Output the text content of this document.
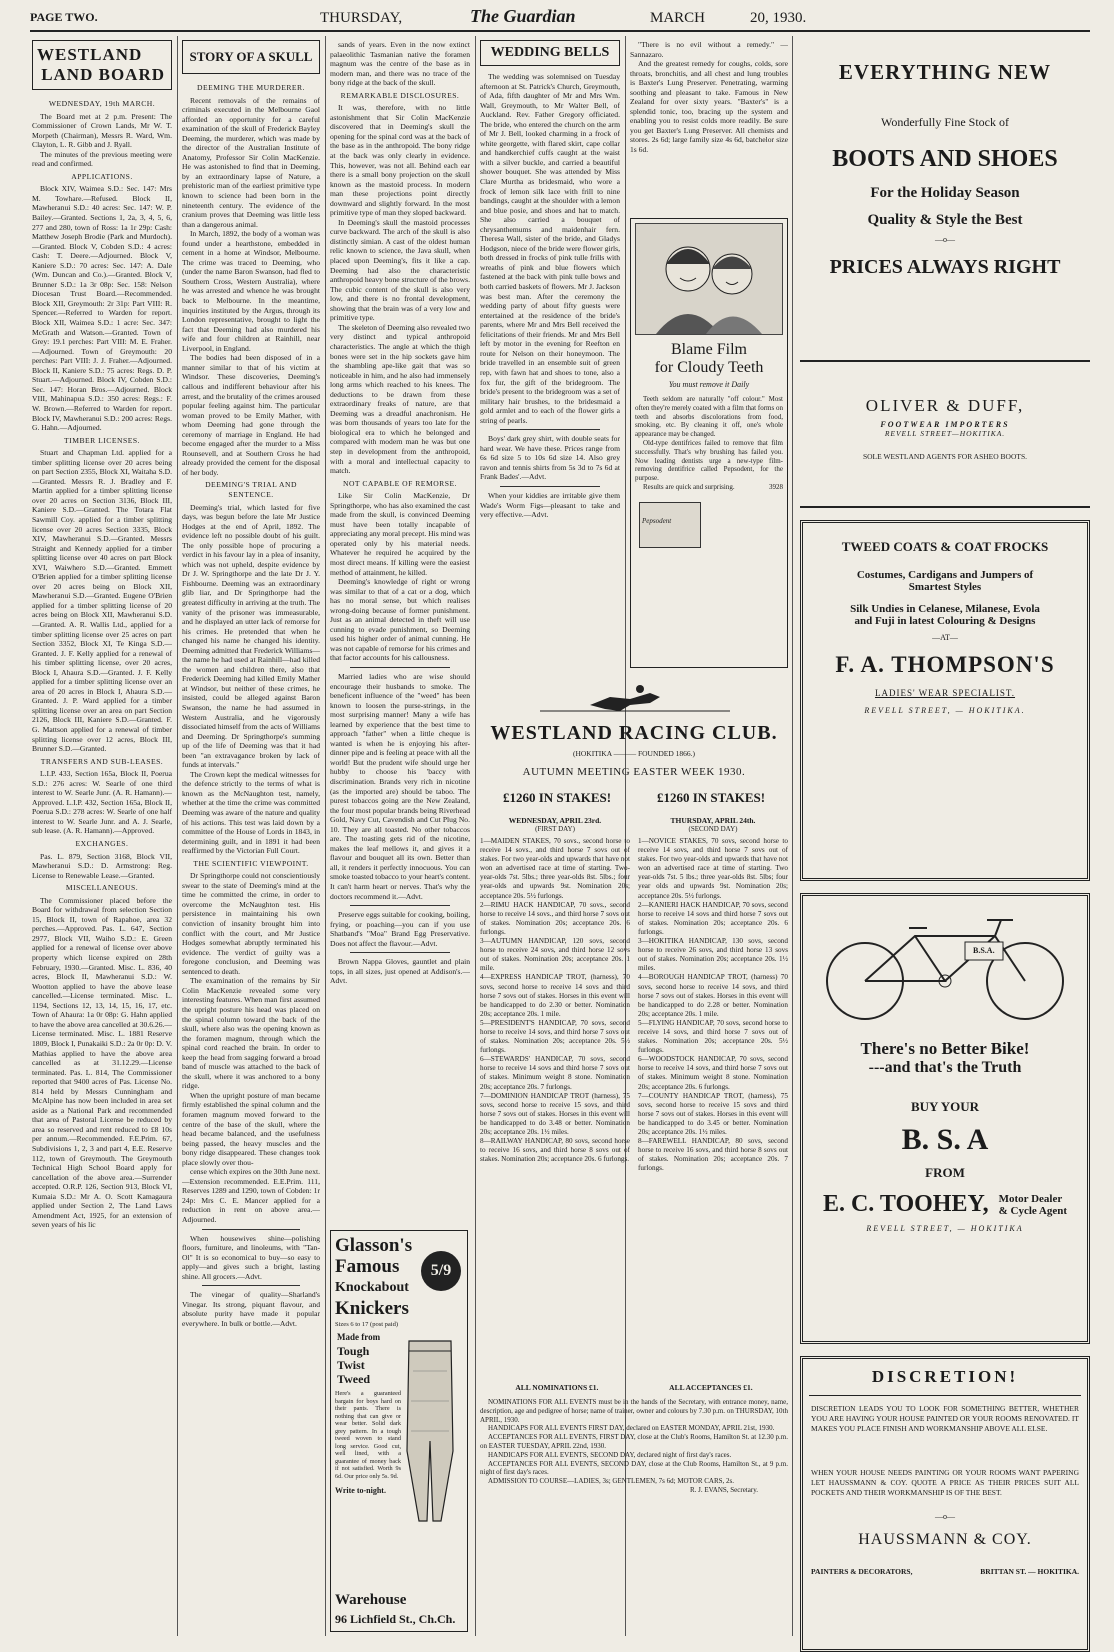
PAGE TWO.	THURSDAY,	The Guardian	MARCH	20, 1930.
WESTLAND
LAND BOARD
WEDNESDAY, 19th MARCH.

The Board met at 2 p.m. Present: The Commissioner of Crown Lands, Mr W. T. Morpeth (Chairman), Messrs R. Ward, Wm. Clayton, L. R. Gibb and J. Ryall.

The minutes of the previous meeting were read and confirmed.

APPLICATIONS.

Block XIV, Waimea S.D.: Sec. 147: Mrs M. Towhare.—Refused. Block II, Mawheranui S.D.: 40 acres: Sec. 147: W. P. Bailey.—Granted. Sections 1, 2a, 3, 4, 5, 6, 277 and 280, town of Ross: 1a 1r 29p: Cash: Matthew Joseph Brodie (Park and Murdoch).—Granted. Block V, Cobden S.D.: 4 acres: Cash: T. Deere.—Adjourned. Block V, Kaniere S.D.: 70 acres: Sec. 147: A. Dale (Wm. Duncan and Co.).—Granted. Block V, Brunner S.D.: 1a 3r 08p: Sec. 158: Nelson Diocesan Trust Board.—Recommended. Block XII, Greymouth: 2r 31p: Part VIII: R. Spencer.—Referred to Warden for report. Block XII, Waimea S.D.: 1 acre: Sec. 347: McGrath and Watson.—Granted. Town of Grey: 19.1 perches: Part VIII: M. E. Fraher.—Adjourned. Town of Greymouth: 20 perches: Part VIII: J. J. Fraher.—Adjourned. Block II, Kaniere S.D.: 75 acres: Regs. D. P. Stuart.—Adjourned. Block IV, Cobden S.D.: Sec. 147: Horan Bros.—Adjourned. Block VIII, Mahinapua S.D.: 350 acres: Regs.: F. W. Brown.—Referred to Warden for report. Block IV, Mawheranui S.D.: 200 acres: Regs. G. Hahn.—Adjourned.

TIMBER LICENSES.

Stuart and Chapman Ltd. applied for a timber splitting license over 20 acres being on part Section 2355, Block XI, Waitaha S.D.—Granted. Messrs R. J. Bradley and F. Martin applied for a timber splitting license over 20 acres on Section 3136, Block III, Kaniere S.D.—Granted. The Totara Flat Sawmill Coy. applied for a timber splitting license over 20 acres Section 3335, Block XIV, Mawheranui S.D.—Granted. Messrs Straight and Kennedy applied for a timber splitting license over 40 acres on part Block XVI, Waiwhero S.D.—Granted. Emmett O'Brien applied for a timber splitting license over 20 acres being on Block XII, Mawheranui S.D.—Granted. Eugene O'Brien applied for a timber splitting license of 20 acres being on Block XII, Mawheranui S.D.—Granted. A. R. Wallis Ltd., applied for a timber splitting license over 25 acres on part Section 3352, Block XI, Te Kinga S.D.—Granted. J. F. Kelly applied for a renewal of his timber splitting license, over 20 acres, Block I, Ahaura S.D.—Granted. J. F. Kelly applied for a timber splitting license over an area of 20 acres in Block I, Ahaura S.D.—Granted. J. P. Ward applied for a timber splitting license over an area on part Section 2126, Block III, Kaniere S.D.—Granted. F. G. Mattson applied for a renewal of timber splitting license over 12 acres, Block III, Brunner S.D.—Granted.

TRANSFERS AND SUB-LEASES.

L.I.P. 433, Section 165a, Block II, Poerua S.D.: 276 acres: W. Searle of one third interest to W. Searle Junr. (A. R. Hamann).—Approved. L.I.P. 432, Section 165a, Block II, Poerua S.D.: 278 acres: W. Searle of one half interest to W. Searle Junr. and A. J. Searle, sub lease. (A. R. Hamann).—Approved.

EXCHANGES.

Pas. L. 879, Section 3168, Block VII, Mawheranui S.D.: D. Armstrong: Reg. License to Renewable Lease.—Granted.

MISCELLANEOUS.

The Commissioner placed before the Board for withdrawal from selection Section 15, Block II, town of Rapahoe, area 32 perches.—Approved. Pas. L. 647, Section 2977, Block VII, Waiho S.D.: E. Green applied for a renewal of license over above property which license expired on 28th February, 1930.—Granted. Misc. L. 836, 40 acres, Block II, Mawheranui S.D.: W. Wootton applied to have the above lease cancelled.—License terminated. Misc. L. 1194, Sections 12, 13, 14, 15, 16, 17, etc. Town of Ahaura: 1a 0r 08p: G. Hahn applied to have the above area cancelled at 30.6.26.—License terminated. Misc. L. 1881 Reserve 1809, Block I, Punakaiki S.D.: 2a 0r 0p: D. V. Mathias applied to have the above area cancelled as at 31.12.29.—License terminated. Pas. L. 814, The Commissioner reported that 9400 acres of Pas. License No. 814 held by Messrs Cunningham and McAlpine has now been included in area set aside as a National Park and recommended that area of Pastoral License be reduced by area so reserved and rent reduced to £8 10s per annum.—Recommended. F.E.Prim. 67, Subdivisions 1, 2, 3 and part 4, E.E. Reserve 112, town of Greymouth. The Greymouth Technical High School Board apply for cancellation of the above area.—Surrender accepted. O.R.P. 126, Section 913, Block VI, Kumaia S.D.: Mr A. O. Scott Kamagaura applied under Section 2, The Land Laws Amendment Act, 1925, for an extension of seven years of his lic

STORY OF A SKULL
DEEMING THE MURDERER.

Recent removals of the remains of criminals executed in the Melbourne Gaol afforded an opportunity for a careful examination of the skull of Frederick Bayley Deeming, the murderer, which was made by the director of the Australian Institute of Anatomy, Professor Sir Colin MacKenzie. He was astonished to find that in Deeming, by an extraordinary lapse of Nature, a prehistoric man of the earliest primitive type known to science had been born in the nineteenth century. The evidence of the cranium proves that Deeming was little less than a dangerous animal.

In March, 1892, the body of a woman was found under a hearthstone, embedded in cement in a home at Windsor, Melbourne. The crime was traced to Deeming, who (under the name Baron Swanson, had fled to Southern Cross, Western Australia), where he was arrested and whence he was brought back to Melbourne. In the meantime, inquiries instituted by the Argus, through its London representative, brought to light the fact that Deeming had also murdered his wife and four children at Rainhill, near Liverpool, in England.

The bodies had been disposed of in a manner similar to that of his victim at Windsor. These discoveries, Deeming's callous and indifferent behaviour after his arrest, and the brutality of the crimes aroused popular feeling against him. The particular woman proved to be Emily Mather, with whom Deeming had gone through the ceremony of marriage in England. He had become engaged after the murder to a Miss Rounsevell, and at Southern Cross he had already provided the cement for the disposal of her body.

DEEMING'S TRIAL AND SENTENCE.

Deeming's trial, which lasted for five days, was begun before the late Mr Justice Hodges at the end of April, 1892. The evidence left no possible doubt of his guilt. The only possible hope of procuring a verdict in his favour lay in a plea of insanity, which was not upheld, despite evidence by Dr J. W. Springthorpe and the late Dr J. Y. Fishbourne. Deeming was an extraordinary glib liar, and Dr Springthorpe had the greatest difficulty in arriving at the truth. The vanity of the prisoner was immeasurable, and he displayed an utter lack of remorse for his crimes. He pretended that when he changed his name he changed his identity. Deeming admitted that Frederick Williams—the name he had used at Rainhill—had killed the women and children there, also that Frederick Deeming had killed Emily Mather at Windsor, but neither of these crimes, he insisted, could be alleged against Baron Swanson, the name he had assumed in Western Australia, and he vigorously dissociated himself from the acts of Williams and Deeming. Dr Springthorpe's summing up of the life of Deeming was that it had been "an extravagance broken by lack of funds at intervals."

The Crown kept the medical witnesses for the defence strictly to the terms of what is known as the McNaughton test, namely, whether at the time the crime was committed Deeming was aware of the nature and quality of his actions. This test was laid down by a committee of the House of Lords in 1843, in determining guilt, and in 1891 it had been reaffirmed by the Victorian Full Court.

THE SCIENTIFIC VIEWPOINT.

Dr Springthorpe could not conscientiously swear to the state of Deeming's mind at the time he committed the crime, in order to overcome the McNaughton test. His persistence in maintaining his own conviction of insanity brought him into conflict with the court, and Mr Justice Hodges somewhat abruptly terminated his evidence. The verdict of guilty was a foregone conclusion, and Deeming was sentenced to death.

The examination of the remains by Sir Colin MacKenzie revealed some very interesting features. When man first assumed the upright posture his head was placed on the spinal column toward the back of the skull, where also was the opening known as the foramen magnum, through which the spinal cord reached the brain. In order to keep the head from sagging forward a broad band of muscle was attached to the back of the skull, where it was anchored to a bony ridge.

When the upright posture of man became firmly established the spinal column and the foramen magnum moved forward to the centre of the base of the skull, where the head became balanced, and the usefulness being passed, the heavy muscles and the bony ridge disappeared. These changes took place slowly over thou-

cense which expires on the 30th June next.—Extension recommended. E.E.Prim. 111, Reserves 1289 and 1290, town of Cobden: 1r 24p: Mrs C. E. Mancer applied for a reduction in rent on above area.—Adjourned.

When housewives shine—polishing floors, furniture, and linoleums, with "Tan-Ol" It is so economical to buy—so easy to apply—and gives such a bright, lasting shine. All grocers.—Advt.

The vinegar of quality—Sharland's Vinegar. Its strong, piquant flavour, and absolute purity have made it popular everywhere. In bulk or bottle.—Advt.

sands of years. Even in the now extinct palaeolithic Tasmanian native the foramen magnum was the centre of the base as in modern man, and there was no trace of the bony ridge at the back of the skull.

REMARKABLE DISCLOSURES.

It was, therefore, with no little astonishment that Sir Colin MacKenzie discovered that in Deeming's skull the opening for the spinal cord was at the back of the base as in the anthropoid. The bony ridge at the back was only clearly in evidence. This, however, was not all. Behind each ear there is a small bony projection on the skull known as the mastoid process. In modern man these projections point directly downward and slightly forward. In the most primitive type of man they sloped backward.

In Deeming's skull the mastoid processes curve backward. The arch of the skull is also distinctly simian. A cast of the oldest human relic known to science, the Java skull, when placed upon Deeming's, fits it like a cap. Deeming had also the characteristic anthropoid heavy bone structure of the brows. The cubic content of the skull is also very low, and there is no frontal development, showing that the brain was of a very low and primitive type.

The skeleton of Deeming also revealed two very distinct and typical anthropoid characteristics. The angle at which the thigh bones were set in the hip sockets gave him the shambling ape-like gait that was so noticeable in him, and he also had immensely long arms which reached to his knees. The deductions to be drawn from these extraordinary freaks of nature, are that Deeming was a dreadful anachronism. He was born thousands of years too late for the biological era to which he belonged and compared with modern man he was but one step in development from the anthropoid, with a moral and intellectual capacity to match.

NOT CAPABLE OF REMORSE.

Like Sir Colin MacKenzie, Dr Springthorpe, who has also examined the cast made from the skull, is convinced Deeming must have been totally incapable of appreciating any moral precept. His mind was operated only by his material needs. Whatever he required he acquired by the most direct means. If killing were the easiest method of attainment, he killed.

Deeming's knowledge of right or wrong was similar to that of a cat or a dog, which has no moral sense, but which realises wrong-doing because of former punishment. Just as an animal detected in theft will use cunning to evade punishment, so Deeming used his higher order of animal cunning. He was not capable of remorse for his crimes and that factor accounts for his callousness.

Married ladies who are wise should encourage their husbands to smoke. The beneficent influence of the "weed" has been known to loosen the purse-strings, in the most surprising manner! Many a wife has learned by experience that the best time to approach "father" when a little cheque is wanted is when he is enjoying his after-dinner pipe and is feeling at peace with all the world! But the prudent wife should urge her hubby to choose his 'baccy with discrimination. Brands very rich in nicotine (as the imported are) should be taboo. The purest tobaccos going are the New Zealand, the four most popular brands being Riverhead Gold, Navy Cut, Cavendish and Cut Plug No. 10. They are all toasted. No other tobaccos are. The toasting gets rid of the nicotine, makes the leaf mellows it, and gives it a flavour and bouquet all its own. Better than all, it renders it perfectly innocuous. You can smoke toasted tobacco to your heart's content. It can't harm heart or nerves. That's why the doctors recommend it.—Advt.

Preserve eggs suitable for cooking, boiling, frying, or poaching—you can if you use Shatband's "Moa" Brand Egg Preservative. Does not affect the flavour.—Advt.

Brown Nappa Gloves, gauntlet and plain tops, in all sizes, just opened at Addison's.—Advt.

Glasson's
Famous
Knockabout
Knickers
5/9
Sizes 6 to 17 (post paid)
Made from
Tough
Twist
Tweed
Here's a guaranteed bargain for boys hard on their pants. There is nothing that can give or wear better. Solid dark grey pattern. In a tough tweed woven to stand long service. Good cut, well lined, with a guarantee of money back if not satisfied. Worth 9s 6d. Our price only 5s. 9d.
Write to-night.
Warehouse
96 Lichfield St., Ch.Ch.
WEDDING BELLS

The wedding was solemnised on Tuesday afternoon at St. Patrick's Church, Greymouth, of Ada, fifth daughter of Mr and Mrs Wm. Wall, Greymouth, to Mr Walter Bell, of Auckland. Rev. Father Gregory officiated. The bride, who entered the church on the arm of Mr J. Bell, looked charming in a frock of white georgette, with flared skirt, cape collar and handkerchief cuffs caught at the waist with a silver buckle, and carried a beautiful shower bouquet. She was attended by Miss Clare Murtha as bridesmaid, who wore a frock of lemon silk lace with frill to nine bandings, caught at the shoulder with a lemon and blue posie, and shoes and hat to match. She also carried a bouquet of chrysanthemums and maidenhair fern. Theresa Wall, sister of the bride, and Gladys Hodgson, niece of the bride were flower girls, both dressed in frocks of pink tulle frills with wreaths of pink and blue flowers which fastened at the back with pink tulle bows and both carried baskets of flowers. Mr J. Jackson was best man. After the ceremony the wedding party of about fifty guests were entertained at the residence of the bride's parents, where Mr and Mrs Bell received the felicitations of their friends. Mr and Mrs Bell left by motor in the evening for Reefton en route for Nelson on their honeymoon. The bride travelled in an ensemble suit of green rep, with fawn hat and shoes to tone, also a fox fur, the gift of the bridegroom. The bride's present to the bridegroom was a set of military hair brushes, to the bridesmaid a gold armlet and to each of the flower girls a string of pearls.

Boys' dark grey shirt, with double seats for hard wear. We have these. Prices range from 6s 6d size 5 to 10s 6d size 14. Also grey ravon and tennis shirts from 5s 3d to 7s 6d at Frank Bades'.—Advt.

When your kiddies are irritable give them Wade's Worm Figs—pleasant to take and very effective.—Advt.

"There is no evil without a remedy." —Sannazaro.

And the greatest remedy for coughs, colds, sore throats, bronchitis, and all chest and lung troubles is Baxter's Lung Preserver. Penetrating, warming soothing and pleasant to take. Famous in New Zealand for over sixty years. "Baxter's" is a splendid tonic, too, bracing up the system and enabling you to resist colds more readily. Be sure you get Baxter's Lung Preserver. All chemists and stores. 2s 6d; large family size 4s 6d, batchelor size 1s 6d.

Blame Film
for Cloudy Teeth
You must remove it Daily

Teeth seldom are naturally "off colour." Most often they're merely coated with a film that forms on teeth and absorbs discolorations from food, smoking, etc. By cleaning it off, one's whole appearance may be changed.

Old-type dentifrices failed to remove that film successfully. That's why brushing has failed you. Now leading dentists urge a new-type film-removing dentifrice called Pepsodent, for the purpose.

Results are quick and surprising.	3928

Pepsodent
WESTLAND RACING CLUB.
(HOKITIKA ——— FOUNDED 1866.)
AUTUMN MEETING EASTER WEEK 1930.
£1260 IN STAKES!	£1260 IN STAKES!
WEDNESDAY, APRIL 23rd.
(FIRST DAY)
1—MAIDEN STAKES, 70 sovs., second horse to receive 14 sovs., and third horse 7 sovs out of stakes. For two year-olds and upwards that have not won an advertised race at time of starting. Two-year-olds 7st. 5lbs.; three year-olds 8st. 5lbs.; four year-olds and upwards 9st. Nomination 20s; acceptance 20s. 5½ furlongs.
2—RIMU HACK HANDICAP, 70 sovs., second horse to receive 14 sovs., and third horse 7 sovs out of stakes. Nomination 20s; acceptance 20s. 6 furlongs.
3—AUTUMN HANDICAP, 120 sovs, second horse to receive 24 sovs, and third horse 12 sovs out of stakes. Nomination 20s; acceptance 20s. 1 mile.
4—EXPRESS HANDICAP TROT, (harness), 70 sovs, second horse to receive 14 sovs and third horse 7 sovs out of stakes. Horses in this event will be handicapped to do 2.30 or better. Nomination 20s; acceptance 20s. 1 mile.
5—PRESIDENT'S HANDICAP, 70 sovs, second horse to receive 14 sovs, and third horse 7 sovs out of stakes. Nomination 20s; acceptance 20s. 5½ furlongs.
6—STEWARDS' HANDICAP, 70 sovs, second horse to receive 14 sovs and third horse 7 sovs out of stakes. Minimum weight 8 stone. Nomination 20s; acceptance 20s. 7 furlongs.
7—DOMINION HANDICAP TROT (harness), 75 sovs, second horse to receive 15 sovs, and third horse 7 sovs out of stakes. Horses in this event will be handicapped to do 3.48 or better. Nomination 20s; acceptance 20s. 1½ miles.
8—RAILWAY HANDICAP, 80 sovs, second horse to receive 16 sovs, and third horse 8 sovs out of stakes. Nomination 20s; acceptance 20s. 6 furlongs.
THURSDAY, APRIL 24th.
(SECOND DAY)
1—NOVICE STAKES, 70 sovs, second horse to receive 14 sovs, and third horse 7 sovs out of stakes. For two year-olds and upwards that have not won an advertised race at time of starting. Two year-olds 7st. 5 lbs.; three year-olds 8st. 5lbs; four year olds and upwards 9st. Nomination 20s; acceptance 20s. 5½ furlongs.
2—KANIERI HACK HANDICAP, 70 sovs, second horse to receive 14 sovs and third horse 7 sovs out of stakes. Nomination 20s; acceptance 20s. 6 furlongs.
3—HOKITIKA HANDICAP, 130 sovs, second horse to receive 26 sovs, and third horse 13 sovs out of stakes. Nomination 20s; acceptance 20s. 1½ miles.
4—BOROUGH HANDICAP TROT, (harness) 70 sovs, second horse to receive 14 sovs, and third horse 7 sovs out of stakes. Horses in this event will be handicapped to do 2.28 or better. Nomination 20s; acceptance 20s. 1 mile.
5—FLYING HANDICAP, 70 sovs, second horse to receive 14 sovs, and third horse 7 sovs out of stakes. Nomination 20s; acceptance 20s. 5½ furlongs.
6—WOODSTOCK HANDICAP, 70 sovs, second horse to receive 14 sovs, and third horse 7 sovs out of stakes. Minimum weight 8 stone. Nomination 20s; acceptance 20s. 6 furlongs.
7—COUNTY HANDICAP TROT, (harness), 75 sovs, second horse to receive 15 sovs and third horse 7 sovs out of stakes. Horses in this event will be handicapped to do 3.45 or better. Nomination 20s; acceptance 20s. 1½ miles.
8—FAREWELL HANDICAP, 80 sovs, second horse to receive 16 sovs, and third horse 8 sovs out of stakes. Nomination 20s; acceptance 20s. 7 furlongs.
ALL NOMINATIONS £1.	ALL ACCEPTANCES £1.

NOMINATIONS FOR ALL EVENTS must be in the hands of the Secretary, with entrance money, name, description, age and pedigree of horse; name of trainer, owner and colours by 7.30 p.m. on THURSDAY, 10th APRIL, 1930.

HANDICAPS FOR ALL EVENTS FIRST DAY, declared on EASTER MONDAY, APRIL 21st, 1930.

ACCEPTANCES FOR ALL EVENTS, FIRST DAY, close at the Club's Rooms, Hamilton St. at 12.30 p.m. on EASTER TUESDAY, APRIL 22nd, 1930.

HANDICAPS FOR ALL EVENTS, SECOND DAY, declared night of first day's races.

ACCEPTANCES FOR ALL EVENTS, SECOND DAY, close at the Club Rooms, Hamilton St., at 9 p.m. night of first day's races.

ADMISSION TO COURSE—LADIES, 3s; GENTLEMEN, 7s 6d; MOTOR CARS, 2s.

R. J. EVANS, Secretary.
EVERYTHING NEW
Wonderfully Fine Stock of
BOOTS AND SHOES
For the Holiday Season
Quality & Style the Best
—o—
PRICES ALWAYS RIGHT
OLIVER & DUFF,
FOOTWEAR IMPORTERS
REVELL STREET—HOKITIKA.
SOLE WESTLAND AGENTS FOR ASHEO BOOTS.
TWEED COATS & COAT FROCKS
Costumes, Cardigans and Jumpers of
Smartest Styles
Silk Undies in Celanese, Milanese, Evola
and Fuji in latest Colouring & Designs
—AT—
F. A. THOMPSON'S
LADIES' WEAR SPECIALIST.
REVELL STREET, — HOKITIKA.
B.S.A.
There's no Better Bike!
---and that's the Truth
BUY YOUR
B. S. A
FROM
E. C. TOOHEY, Motor Dealer
& Cycle Agent
REVELL STREET, — HOKITIKA
DISCRETION!
DISCRETION LEADS YOU TO LOOK FOR SOMETHING BETTER, WHETHER YOU ARE HAVING YOUR HOUSE PAINTED OR YOUR ROOMS RENOVATED. IT MAKES YOU PLACE FINISH AND WORKMANSHIP ABOVE ALL ELSE.
WHEN YOUR HOUSE NEEDS PAINTING OR YOUR ROOMS WANT PAPERING LET HAUSSMANN & COY. QUOTE A PRICE AS THEIR PRICES SUIT ALL POCKETS AND THEIR WORKMANSHIP IS OF THE BEST.
—o—
HAUSSMANN & COY.
PAINTERS & DECORATORS,	BRITTAN ST. — HOKITIKA.
